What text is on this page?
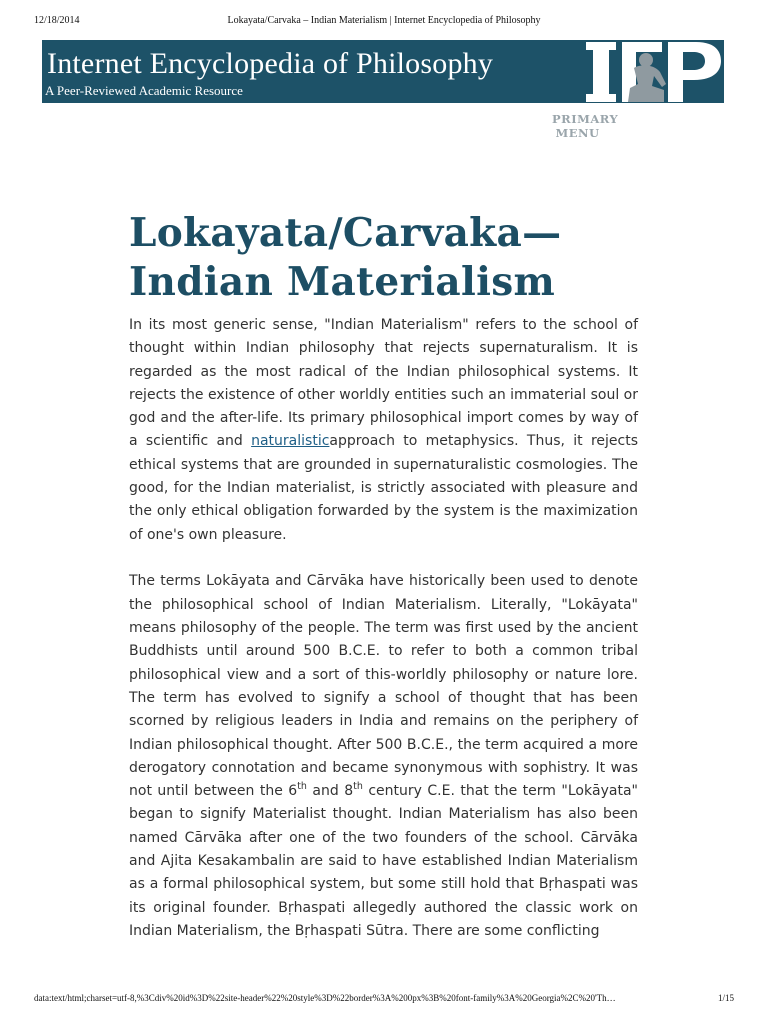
12/18/2014	Lokayata/Carvaka – Indian Materialism | Internet Encyclopedia of Philosophy
Internet Encyclopedia of Philosophy
A Peer-Reviewed Academic Resource
PRIMARY
MENU
Lokayata/Carvaka—Indian Materialism

In its most generic sense, "Indian Materialism" refers to the school of thought within Indian philosophy that rejects supernaturalism. It is regarded as the most radical of the Indian philosophical systems. It rejects the existence of other worldly entities such an immaterial soul or god and the after-life. Its primary philosophical import comes by way of a scientific and naturalisticapproach to metaphysics. Thus, it rejects ethical systems that are grounded in supernaturalistic cosmologies. The good, for the Indian materialist, is strictly associated with pleasure and the only ethical obligation forwarded by the system is the maximization of one's own pleasure.

The terms Lokāyata and Cārvāka have historically been used to denote the philosophical school of Indian Materialism. Literally, "Lokāyata" means philosophy of the people. The term was first used by the ancient Buddhists until around 500 B.C.E. to refer to both a common tribal philosophical view and a sort of this-worldly philosophy or nature lore. The term has evolved to signify a school of thought that has been scorned by religious leaders in India and remains on the periphery of Indian philosophical thought. After 500 B.C.E., the term acquired a more derogatory connotation and became synonymous with sophistry. It was not until between the 6th and 8th century C.E. that the term "Lokāyata" began to signify Materialist thought. Indian Materialism has also been named Cārvāka after one of the two founders of the school. Cārvāka and Ajita Kesakambalin are said to have established Indian Materialism as a formal philosophical system, but some still hold that Bṛhaspati was its original founder. Bṛhaspati allegedly authored the classic work on Indian Materialism, the Bṛhaspati Sūtra. There are some conflicting

data:text/html;charset=utf-8,%3Cdiv%20id%3D%22site-header%22%20style%3D%22border%3A%200px%3B%20font-family%3A%20Georgia%2C%20'Th…	1/15
